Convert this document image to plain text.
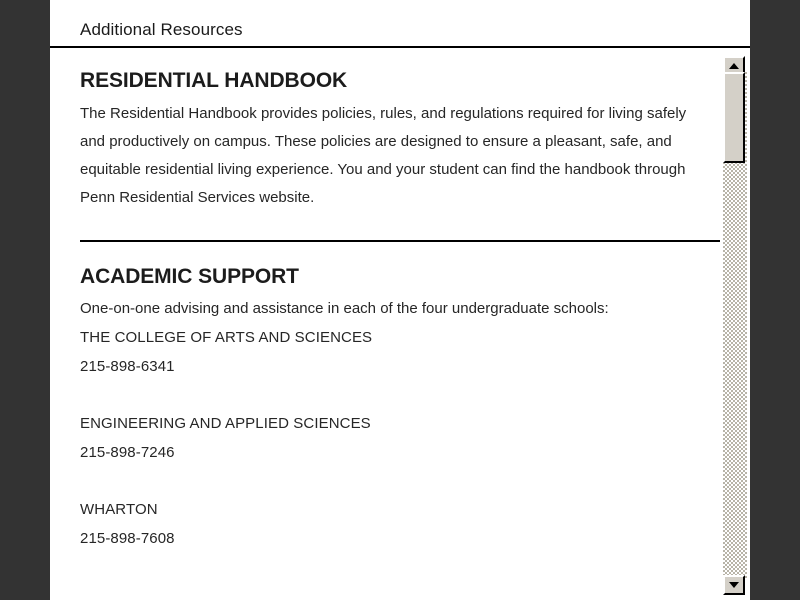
Additional Resources
RESIDENTIAL HANDBOOK

The Residential Handbook provides policies, rules, and regulations required for living safely and productively on campus. These policies are designed to ensure a pleasant, safe, and equitable residential living experience. You and your student can find the handbook through Penn Residential Services website.

ACADEMIC SUPPORT

One-on-one advising and assistance in each of the four undergraduate schools:

THE COLLEGE OF ARTS AND SCIENCES
215-898-6341
ENGINEERING AND APPLIED SCIENCES
215-898-7246
WHARTON
215-898-7608
